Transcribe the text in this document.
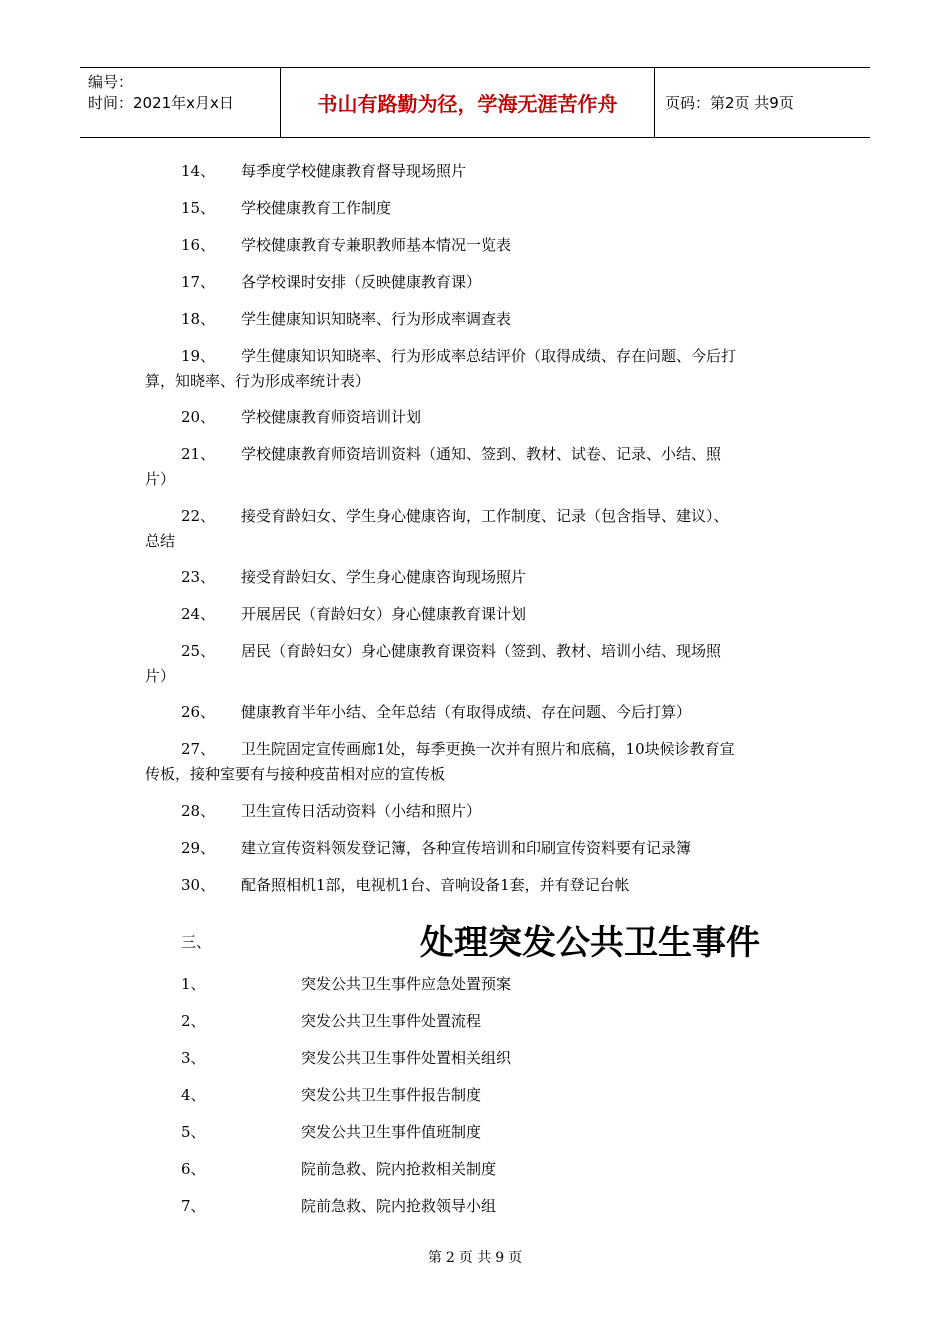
编号：
时间：2021年x月x日	书山有路勤为径，学海无涯苦作舟	页码：第2页 共9页
14、 每季度学校健康教育督导现场照片
15、 学校健康教育工作制度
16、 学校健康教育专兼职教师基本情况一览表
17、 各学校课时安排（反映健康教育课）
18、 学生健康知识知晓率、行为形成率调查表
19、 学生健康知识知晓率、行为形成率总结评价（取得成绩、存在问题、今后打
算，知晓率、行为形成率统计表）
20、 学校健康教育师资培训计划
21、 学校健康教育师资培训资料（通知、签到、教材、试卷、记录、小结、照
片）
22、 接受育龄妇女、学生身心健康咨询，工作制度、记录（包含指导、建议）、
总结
23、 接受育龄妇女、学生身心健康咨询现场照片
24、 开展居民（育龄妇女）身心健康教育课计划
25、 居民（育龄妇女）身心健康教育课资料（签到、教材、培训小结、现场照
片）
26、 健康教育半年小结、全年总结（有取得成绩、存在问题、今后打算）
27、 卫生院固定宣传画廊1处，每季更换一次并有照片和底稿，10块候诊教育宣
传板，接种室要有与接种疫苗相对应的宣传板
28、 卫生宣传日活动资料（小结和照片）
29、 建立宣传资料领发登记簿，各种宣传培训和印刷宣传资料要有记录簿
30、 配备照相机1部，电视机1台、音响设备1套，并有登记台帐
三、	处理突发公共卫生事件
1、	突发公共卫生事件应急处置预案
2、	突发公共卫生事件处置流程
3、	突发公共卫生事件处置相关组织
4、	突发公共卫生事件报告制度
5、	突发公共卫生事件值班制度
6、	院前急救、院内抢救相关制度
7、	院前急救、院内抢救领导小组
第 2 页 共 9 页
